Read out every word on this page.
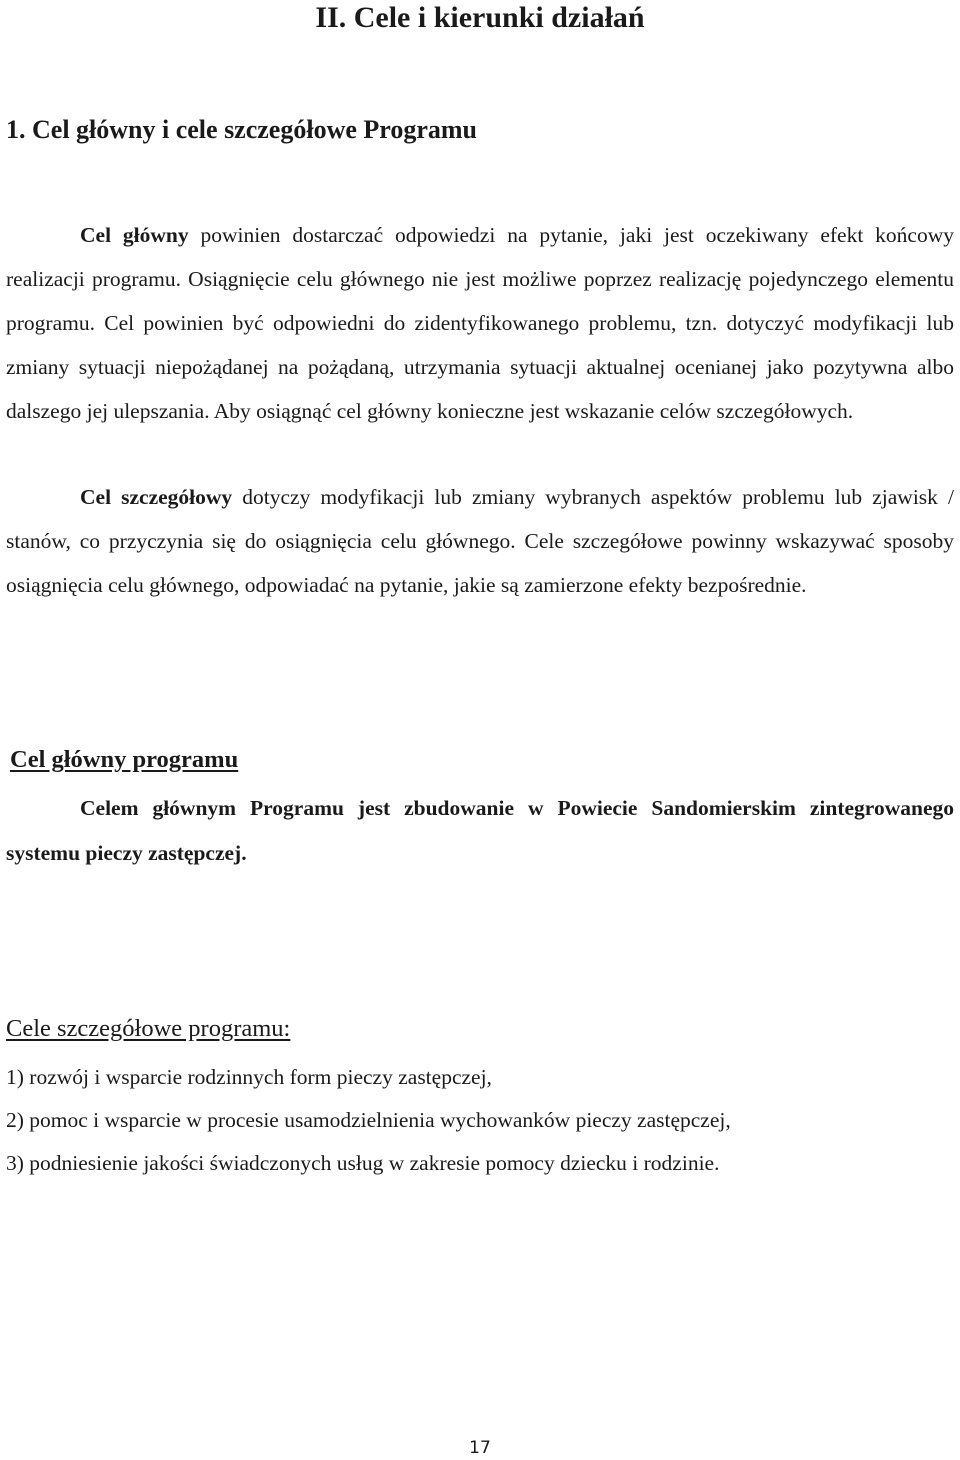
II. Cele i kierunki działań
1. Cel główny i cele szczegółowe Programu

Cel główny powinien dostarczać odpowiedzi na pytanie, jaki jest oczekiwany efekt końcowy realizacji programu. Osiągnięcie celu głównego nie jest możliwe poprzez realizację pojedynczego elementu programu. Cel powinien być odpowiedni do zidentyfikowanego problemu, tzn. dotyczyć modyfikacji lub zmiany sytuacji niepożądanej na pożądaną, utrzymania sytuacji aktualnej ocenianej jako pozytywna albo dalszego jej ulepszania. Aby osiągnąć cel główny konieczne jest wskazanie celów szczegółowych.

Cel szczegółowy dotyczy modyfikacji lub zmiany wybranych aspektów problemu lub zjawisk / stanów, co przyczynia się do osiągnięcia celu głównego. Cele szczegółowe powinny wskazywać sposoby osiągnięcia celu głównego, odpowiadać na pytanie, jakie są zamierzone efekty bezpośrednie.

Cel główny programu

Celem głównym Programu jest zbudowanie w Powiecie Sandomierskim zintegrowanego systemu pieczy zastępczej.

Cele szczegółowe programu:
1) rozwój i wsparcie rodzinnych form pieczy zastępczej,
2) pomoc i wsparcie w procesie usamodzielnienia wychowanków pieczy zastępczej,
3) podniesienie jakości świadczonych usług w zakresie pomocy dziecku i rodzinie.
17
